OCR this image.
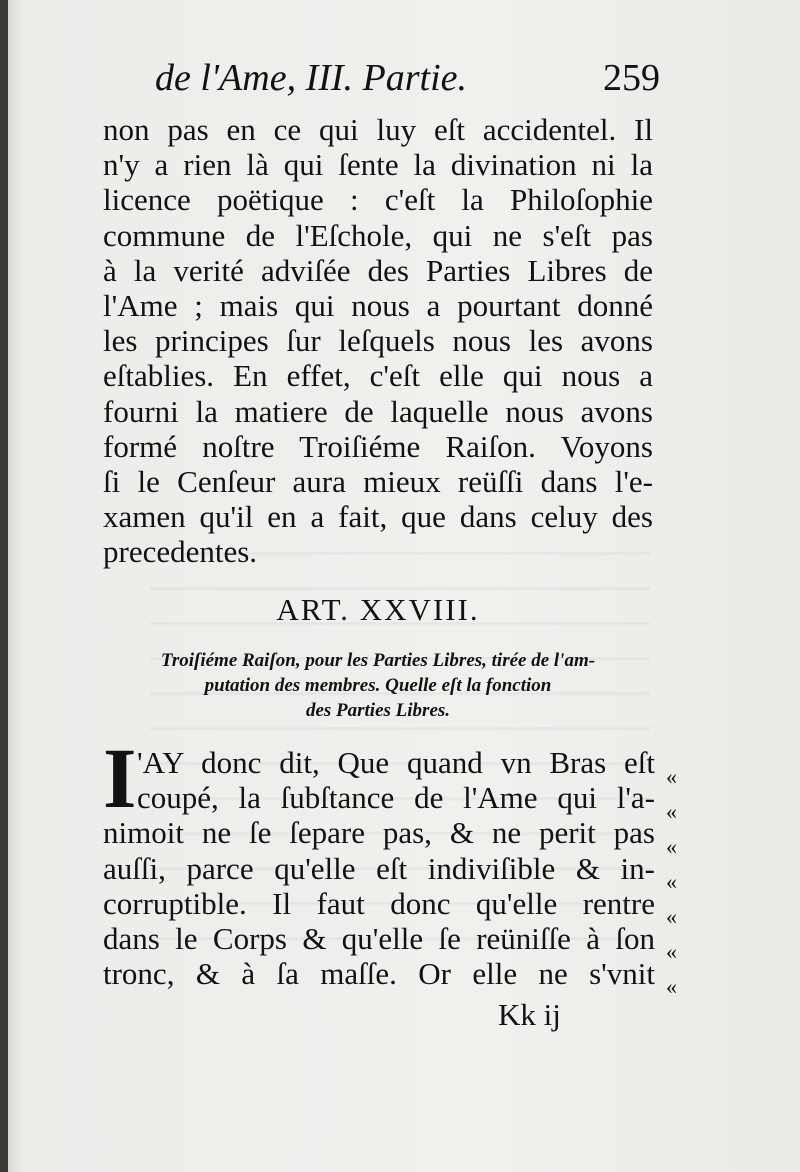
de l'Ame, III. Partie.	259
non pas en ce qui luy eſt accidentel. Il
n'y a rien là qui ſente la divination ni la
licence poëtique : c'eſt la Philoſophie
commune de l'Eſchole, qui ne s'eſt pas
à la verité adviſée des Parties Libres de
l'Ame ; mais qui nous a pourtant donné
les principes ſur leſquels nous les avons
eſtablies. En effet, c'eſt elle qui nous a
fourni la matiere de laquelle nous avons
formé noſtre Troiſiéme Raiſon. Voyons
ſi le Cenſeur aura mieux reüſſi dans l'e-
xamen qu'il en a fait, que dans celuy des
precedentes.
ART. XXVIII.
Troiſiéme Raiſon, pour les Parties Libres, tirée de l'am-
putation des membres. Quelle eſt la fonction
des Parties Libres.
I 'AY donc dit, Que quand vn Bras eſt
coupé, la ſubſtance de l'Ame qui l'a-
nimoit ne ſe ſepare pas, & ne perit pas
auſſi, parce qu'elle eſt indiviſible & in-
corruptible. Il faut donc qu'elle rentre
dans le Corps & qu'elle ſe reüniſſe à ſon
tronc, & à ſa maſſe. Or elle ne s'vnit
«
«
«
«
«
«
«
Kk ij
